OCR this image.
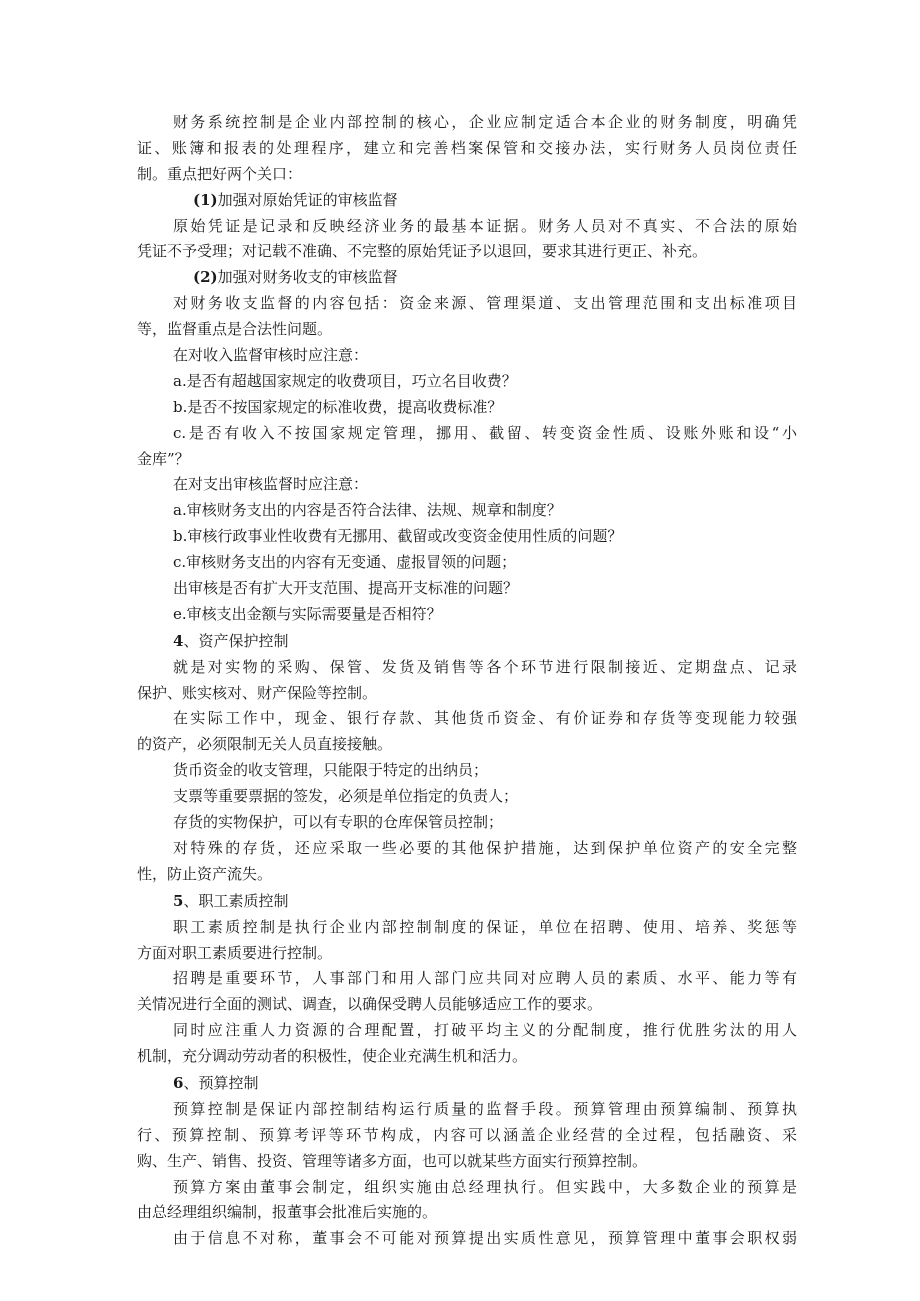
财务系统控制是企业内部控制的核心，企业应制定适合本企业的财务制度，明确凭
证、账簿和报表的处理程序，建立和完善档案保管和交接办法，实行财务人员岗位责任
制。重点把好两个关口：
(1)加强对原始凭证的审核监督
原始凭证是记录和反映经济业务的最基本证据。财务人员对不真实、不合法的原始
凭证不予受理；对记载不准确、不完整的原始凭证予以退回，要求其进行更正、补充。
(2)加强对财务收支的审核监督
对财务收支监督的内容包括：资金来源、管理渠道、支出管理范围和支出标准项目
等，监督重点是合法性问题。
在对收入监督审核时应注意：
a.是否有超越国家规定的收费项目，巧立名目收费？
b.是否不按国家规定的标准收费，提高收费标准？
c.是否有收入不按国家规定管理，挪用、截留、转变资金性质、设账外账和设“小
金库”？
在对支出审核监督时应注意：
a.审核财务支出的内容是否符合法律、法规、规章和制度？
b.审核行政事业性收费有无挪用、截留或改变资金使用性质的问题？
c.审核财务支出的内容有无变通、虚报冒领的问题；
出审核是否有扩大开支范围、提高开支标准的问题？
e.审核支出金额与实际需要量是否相符？
4、资产保护控制
就是对实物的采购、保管、发货及销售等各个环节进行限制接近、定期盘点、记录
保护、账实核对、财产保险等控制。
在实际工作中，现金、银行存款、其他货币资金、有价证券和存货等变现能力较强
的资产，必须限制无关人员直接接触。
货币资金的收支管理，只能限于特定的出纳员；
支票等重要票据的签发，必须是单位指定的负责人；
存货的实物保护，可以有专职的仓库保管员控制；
对特殊的存货，还应采取一些必要的其他保护措施，达到保护单位资产的安全完整
性，防止资产流失。
5、职工素质控制
职工素质控制是执行企业内部控制制度的保证，单位在招聘、使用、培养、奖惩等
方面对职工素质要进行控制。
招聘是重要环节，人事部门和用人部门应共同对应聘人员的素质、水平、能力等有
关情况进行全面的测试、调查，以确保受聘人员能够适应工作的要求。
同时应注重人力资源的合理配置，打破平均主义的分配制度，推行优胜劣汰的用人
机制，充分调动劳动者的积极性，使企业充满生机和活力。
6、预算控制
预算控制是保证内部控制结构运行质量的监督手段。预算管理由预算编制、预算执
行、预算控制、预算考评等环节构成，内容可以涵盖企业经营的全过程，包括融资、采
购、生产、销售、投资、管理等诸多方面，也可以就某些方面实行预算控制。
预算方案由董事会制定，组织实施由总经理执行。但实践中，大多数企业的预算是
由总经理组织编制，报董事会批准后实施的。
由于信息不对称，董事会不可能对预算提出实质性意见，预算管理中董事会职权弱
